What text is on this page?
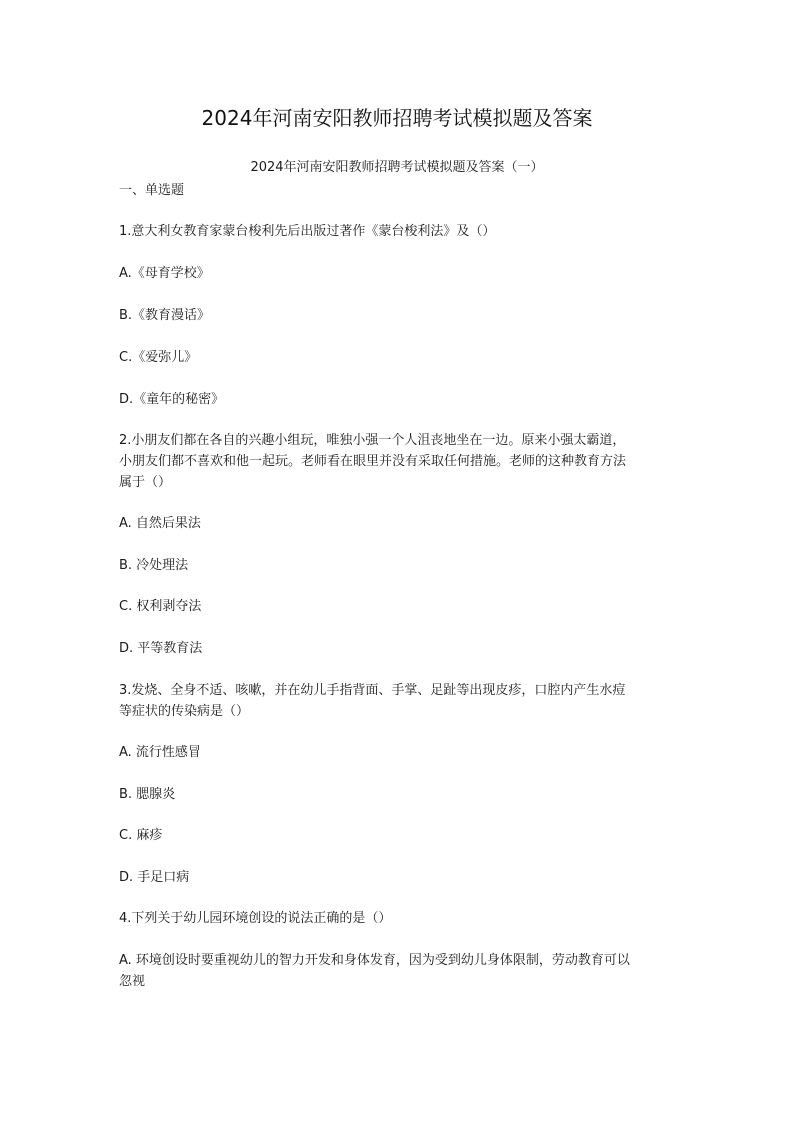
2024年河南安阳教师招聘考试模拟题及答案
2024年河南安阳教师招聘考试模拟题及答案（一）
一、单选题
1.意大利女教育家蒙台梭利先后出版过著作《蒙台梭利法》及（）
A.《母育学校》
B.《教育漫话》
C.《爱弥儿》
D.《童年的秘密》
2.小朋友们都在各自的兴趣小组玩，唯独小强一个人沮丧地坐在一边。原来小强太霸道，
小朋友们都不喜欢和他一起玩。老师看在眼里并没有采取任何措施。老师的这种教育方法
属于（）
A. 自然后果法
B. 冷处理法
C. 权利剥夺法
D. 平等教育法
3.发烧、全身不适、咳嗽，并在幼儿手指背面、手掌、足趾等出现皮疹，口腔内产生水痘
等症状的传染病是（）
A. 流行性感冒
B. 腮腺炎
C. 麻疹
D. 手足口病
4.下列关于幼儿园环境创设的说法正确的是（）
A. 环境创设时要重视幼儿的智力开发和身体发育，因为受到幼儿身体限制，劳动教育可以
忽视
